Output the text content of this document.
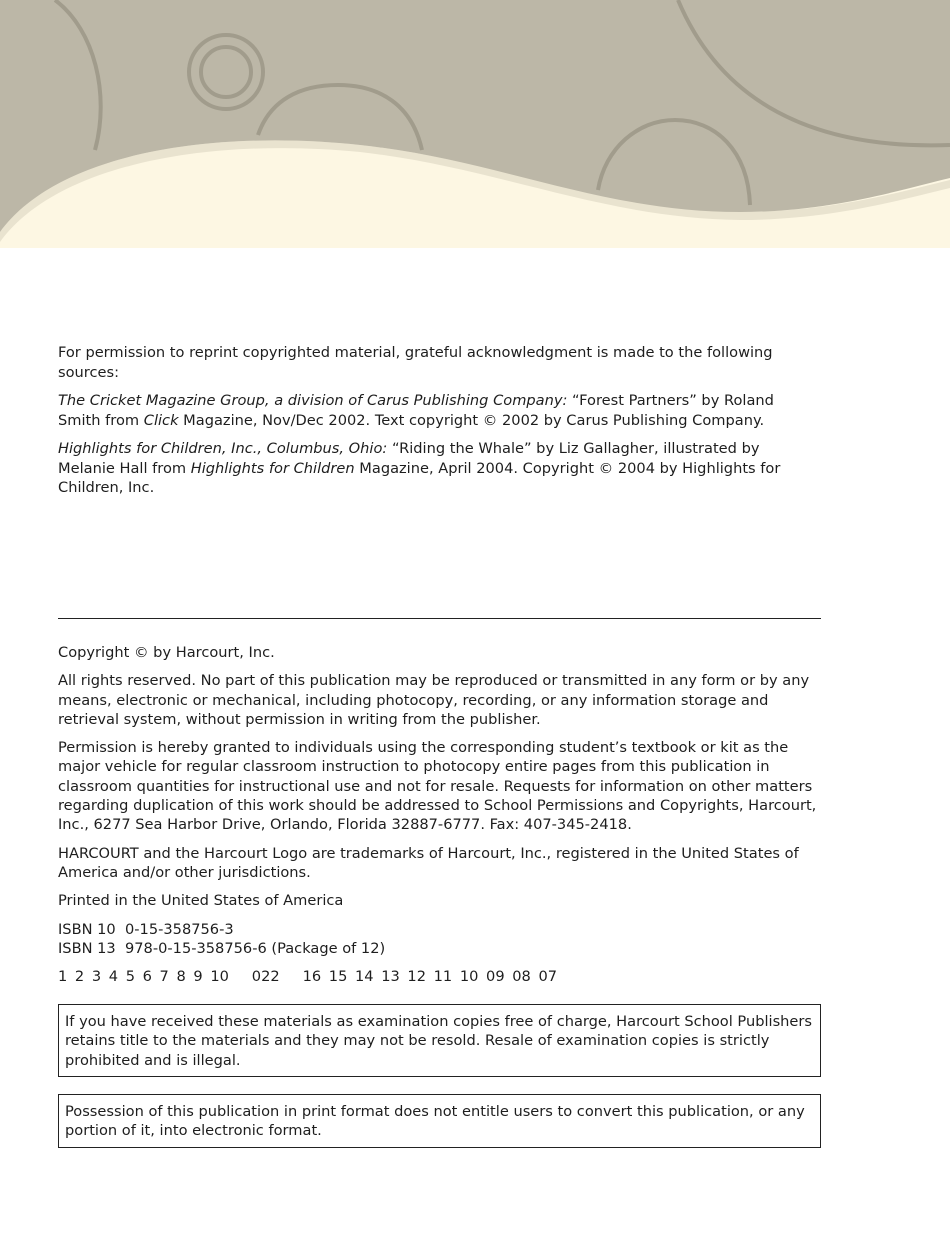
For permission to reprint copyrighted material, grateful acknowledgment is made to the following sources:

The Cricket Magazine Group, a division of Carus Publishing Company: “Forest Partners” by Roland Smith from Click Magazine, Nov/Dec 2002. Text copyright © 2002 by Carus Publishing Company.

Highlights for Children, Inc., Columbus, Ohio: “Riding the Whale” by Liz Gallagher, illustrated by Melanie Hall from Highlights for Children Magazine, April 2004. Copyright © 2004 by Highlights for Children, Inc.

Copyright © by Harcourt, Inc.

All rights reserved. No part of this publication may be reproduced or transmitted in any form or by any means, electronic or mechanical, including photocopy, recording, or any information storage and retrieval system, without permission in writing from the publisher.

Permission is hereby granted to individuals using the corresponding student’s textbook or kit as the major vehicle for regular classroom instruction to photocopy entire pages from this publication in classroom quantities for instructional use and not for resale. Requests for information on other matters regarding duplication of this work should be addressed to School Permissions and Copyrights, Harcourt, Inc., 6277 Sea Harbor Drive, Orlando, Florida 32887-6777. Fax: 407-345-2418.

HARCOURT and the Harcourt Logo are trademarks of Harcourt, Inc., registered in the United States of America and/or other jurisdictions.

Printed in the United States of America

ISBN 10  0-15-358756-3
ISBN 13  978-0-15-358756-6 (Package of 12)

1 2 3 4 5 6 7 8 9 10   022   16 15 14 13 12 11 10 09 08 07

If you have received these materials as examination copies free of charge, Harcourt School Publishers retains title to the materials and they may not be resold. Resale of examination copies is strictly prohibited and is illegal.
Possession of this publication in print format does not entitle users to convert this publication, or any portion of it, into electronic format.
